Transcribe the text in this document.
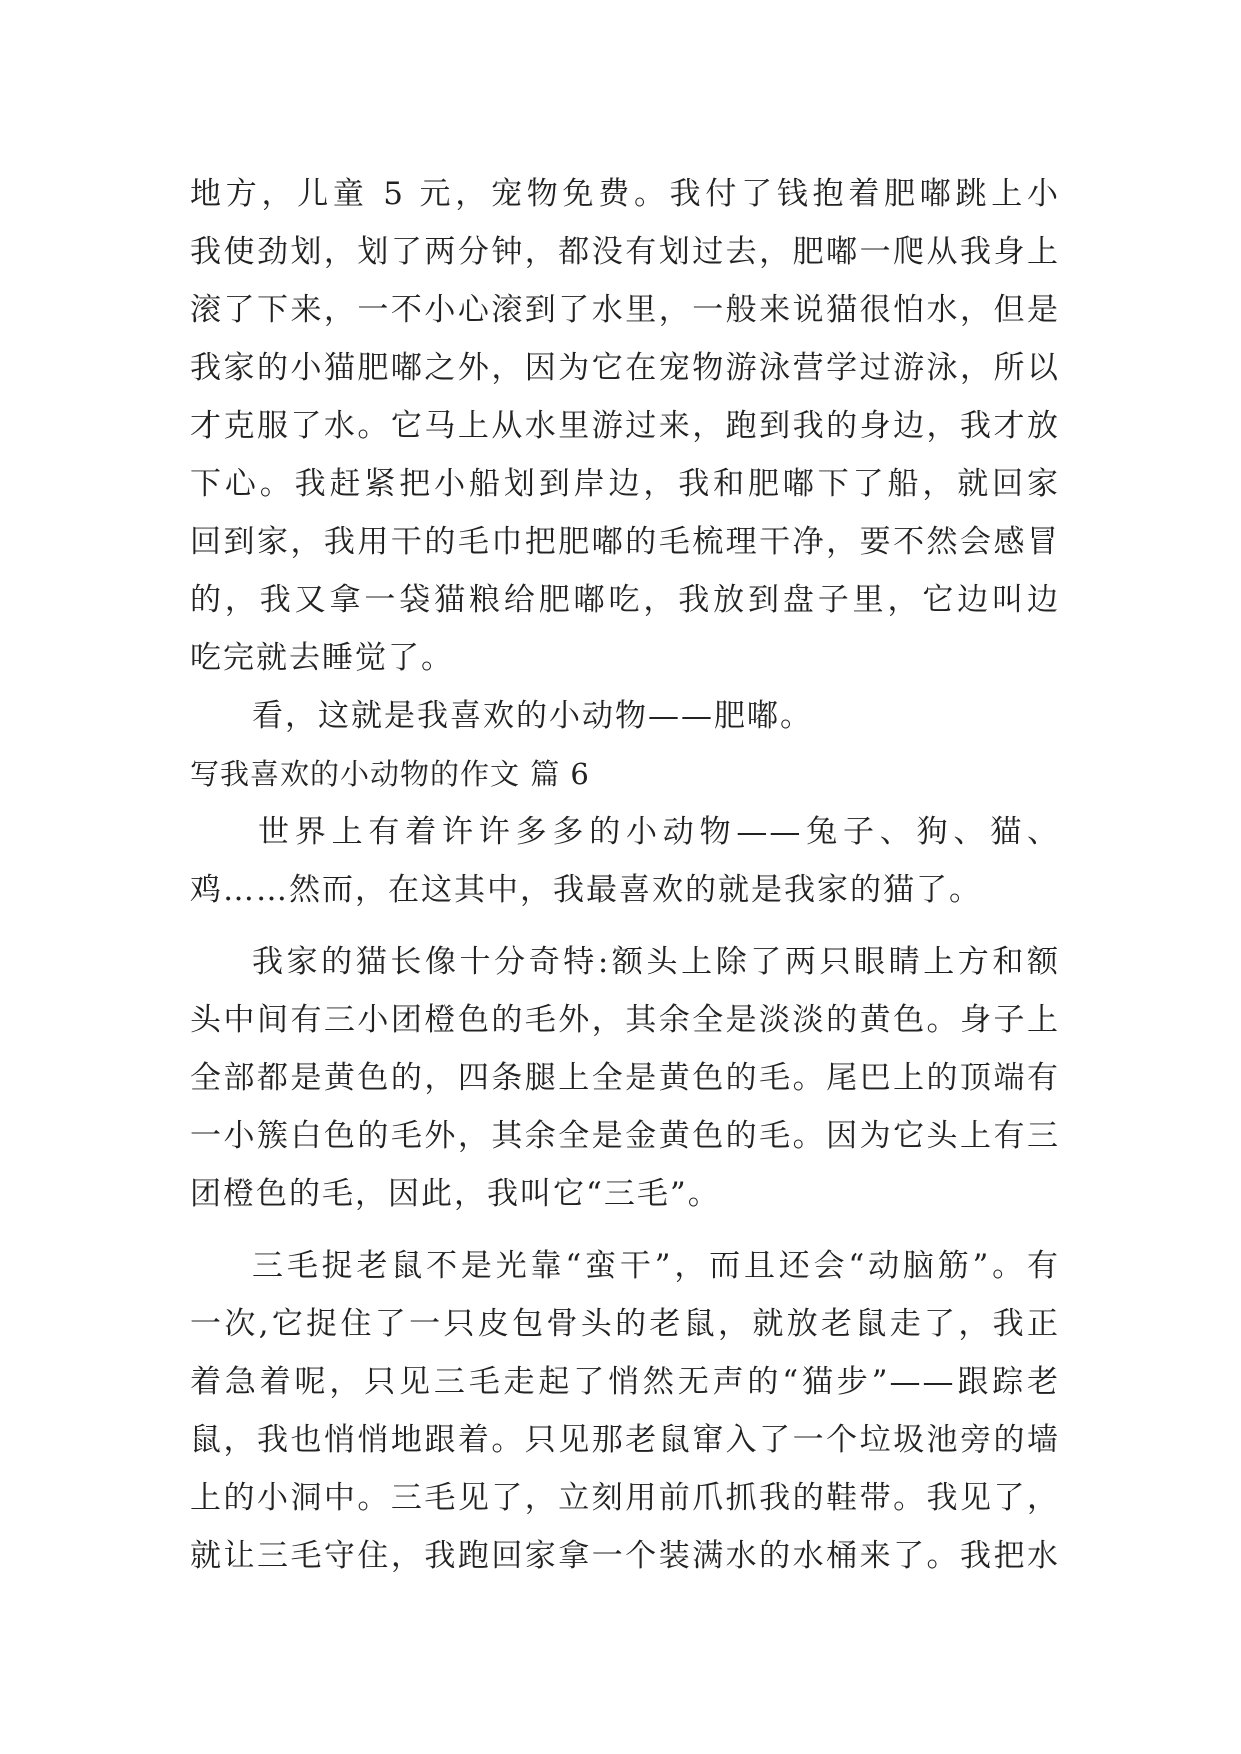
地方，儿童 5 元，宠物免费。我付了钱抱着肥嘟跳上小
我使劲划，划了两分钟，都没有划过去，肥嘟一爬从我身上
滚了下来，一不小心滚到了水里，一般来说猫很怕水，但是
我家的小猫肥嘟之外，因为它在宠物游泳营学过游泳，所以
才克服了水。它马上从水里游过来，跑到我的身边，我才放
下心。我赶紧把小船划到岸边，我和肥嘟下了船，就回家
回到家，我用干的毛巾把肥嘟的毛梳理干净，要不然会感冒
的，我又拿一袋猫粮给肥嘟吃，我放到盘子里，它边叫边
吃完就去睡觉了。
看，这就是我喜欢的小动物——肥嘟。
写我喜欢的小动物的作文 篇 6
世界上有着许许多多的小动物——兔子、狗、猫、
鸡……然而，在这其中，我最喜欢的就是我家的猫了。
我家的猫长像十分奇特:额头上除了两只眼睛上方和额
头中间有三小团橙色的毛外，其余全是淡淡的黄色。身子上
全部都是黄色的，四条腿上全是黄色的毛。尾巴上的顶端有
一小簇白色的毛外，其余全是金黄色的毛。因为它头上有三
团橙色的毛，因此，我叫它“三毛”。
三毛捉老鼠不是光靠“蛮干”，而且还会“动脑筋”。有
一次,它捉住了一只皮包骨头的老鼠，就放老鼠走了，我正
着急着呢，只见三毛走起了悄然无声的“猫步”——跟踪老
鼠，我也悄悄地跟着。只见那老鼠窜入了一个垃圾池旁的墙
上的小洞中。三毛见了，立刻用前爪抓我的鞋带。我见了，
就让三毛守住，我跑回家拿一个装满水的水桶来了。我把水
